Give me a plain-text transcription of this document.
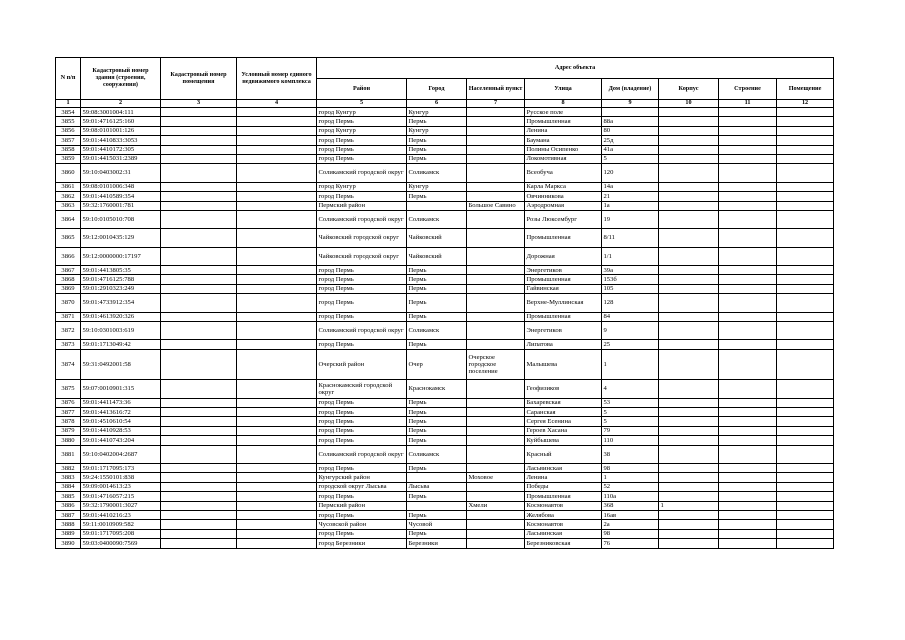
N п/п	Кадастровый номер здания (строения, сооружения)	Кадастровый номер помещения	Условный номер единого недвижимого комплекса	Адрес объекта							
				Район	Город	Населенный пункт	Улица	Дом (владение)	Корпус	Строение	Помещение
1	2	3	4	5	6	7	8	9	10	11	12
3854	59:08:3001004:111			город Кунгур	Кунгур		Русское поле				
3855	59:01:4716125:160			город Пермь	Пермь		Промышленная	88а			
3856	59:08:0101001:126			город Кунгур	Кунгур		Ленина	80			
3857	59:01:4410833:3053			город Пермь	Пермь		Баумана	25д			
3858	59:01:4410172:305			город Пермь	Пермь		Полины Осипенко	41а			
3859	59:01:4415031:2389			город Пермь	Пермь		Локомотивная	5			
3860	59:10:0403002:31			Соликамский городской округ	Соликамск		Всеобуча	120			
3861	59:08:0101006:348			город Кунгур	Кунгур		Карла Маркса	14а			
3862	59:01:4410589:354			город Пермь	Пермь		Овчинникова	21			
3863	59:32:1760001:781			Пермский район		Большое Савино	Аэродромная	1а			
3864	59:10:0105010:708			Соликамский городской округ	Соликамск		Розы Люксембург	19			
3865	59:12:0010435:129			Чайковский городской округ	Чайковский		Промышленная	8/11			
3866	59:12:0000000:17197			Чайковский городской округ	Чайковский		Дорожная	1/1			
3867	59:01:4413805:35			город Пермь	Пермь		Энергетиков	39а			
3868	59:01:4716125:788			город Пермь	Пермь		Промышленная	153б			
3869	59:01:2910323:249			город Пермь	Пермь		Гайвинская	105			
3870	59:01:4733912:354			город Пермь	Пермь		Верхне-Муллинская	128			
3871	59:01:4613920:326			город Пермь	Пермь		Промышленная	84			
3872	59:10:0301003:619			Соликамский городской округ	Соликамск		Энергетиков	9			
3873	59:01:1713049:42			город Пермь	Пермь		Липатова	25			
3874	59:31:0492001:58			Очерский район	Очер	Очерское городское поселение	Малышева	1			
3875	59:07:0010901:315			Краснокамский городской округ	Краснокамск		Геофизиков	4			
3876	59:01:4411473:36			город Пермь	Пермь		Бахаревская	53			
3877	59:01:4413616:72			город Пермь	Пермь		Саранская	5			
3878	59:01:4510610:54			город Пермь	Пермь		Сергея Есенина	5			
3879	59:01:4410928:53			город Пермь	Пермь		Героев Хасана	79			
3880	59:01:4410743:204			город Пермь	Пермь		Куйбышева	110			
3881	59:10:0402004:2687			Соликамский городской округ	Соликамск		Красный	38			
3882	59:01:1717095:173			город Пермь	Пермь		Ласьвинская	98			
3883	59:24:1550101:838			Кунгурский район		Моховое	Ленина	1			
3884	59:09:0014613:23			городской округ Лысьва	Лысьва		Победы	52			
3885	59:01:4716057:215			город Пермь	Пермь		Промышленная	110а			
3886	59:32:1790001:3027			Пермский район		Хмели	Космонавтов	368	1		
3887	59:01:4410216:23			город Пермь	Пермь		Желябова	16ав			
3888	59:11:0010909:582			Чусовской район	Чусовой		Космонавтов	2а			
3889	59:01:1717095:208			город Пермь	Пермь		Ласьвинская	98			
3890	59:03:0400090:7569			город Березники	Березники		Березниковская	76			
